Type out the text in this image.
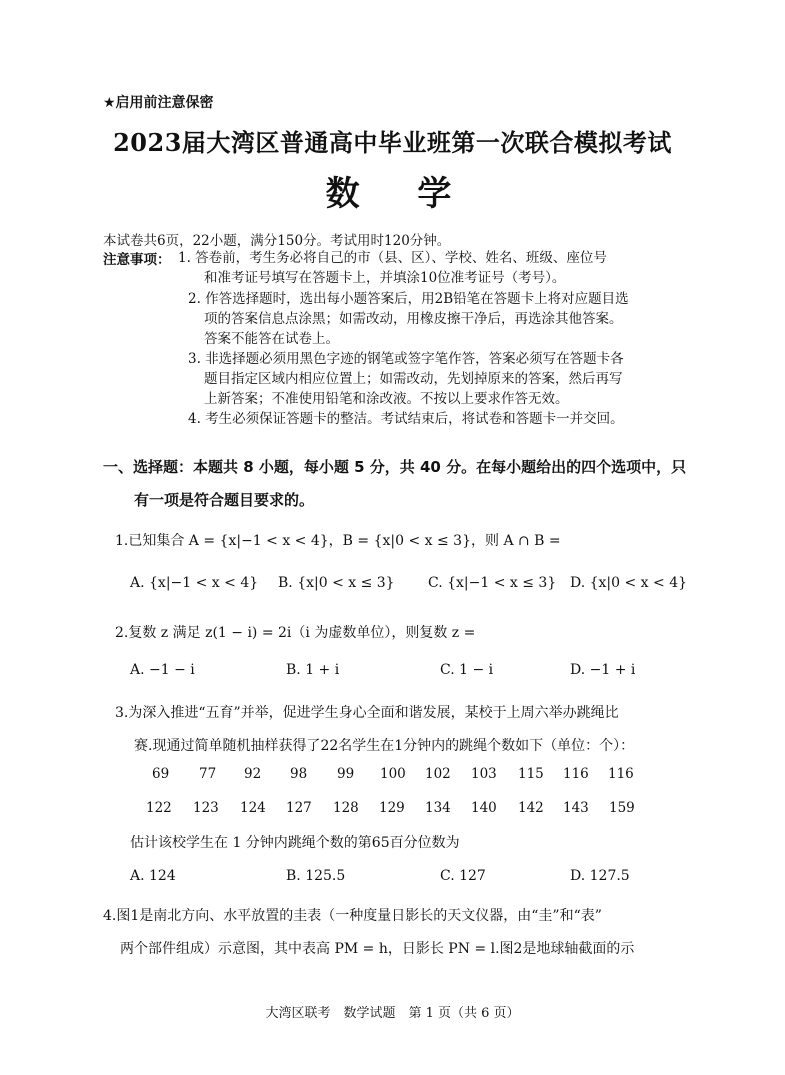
★启用前注意保密
2023届大湾区普通高中毕业班第一次联合模拟考试
数 学
本试卷共6页，22小题，满分150分。考试用时120分钟。
注意事项： 1. 答卷前，考生务必将自己的市（县、区）、学校、姓名、班级、座位号
和准考证号填写在答题卡上，并填涂10位准考证号（考号）。
2. 作答选择题时，选出每小题答案后，用2B铅笔在答题卡上将对应题目选
项的答案信息点涂黑；如需改动，用橡皮擦干净后，再选涂其他答案。
答案不能答在试卷上。
3. 非选择题必须用黑色字迹的钢笔或签字笔作答，答案必须写在答题卡各
题目指定区域内相应位置上；如需改动，先划掉原来的答案，然后再写
上新答案；不准使用铅笔和涂改液。不按以上要求作答无效。
4. 考生必须保证答题卡的整洁。考试结束后，将试卷和答题卡一并交回。
一、选择题：本题共 8 小题，每小题 5 分，共 40 分。在每小题给出的四个选项中，只
有一项是符合题目要求的。
1.已知集合 A = {x|−1 < x < 4}，B = {x|0 < x ≤ 3}，则 A ∩ B =
A. {x|−1 < x < 4} B. {x|0 < x ≤ 3} C. {x|−1 < x ≤ 3} D. {x|0 < x < 4}
2.复数 z 满足 z(1 − i) = 2i（i 为虚数单位），则复数 z =
A. −1 − i	B. 1 + i	C. 1 − i	D. −1 + i
3.为深入推进“五育”并举，促进学生身心全面和谐发展，某校于上周六举办跳绳比
赛.现通过简单随机抽样获得了22名学生在1分钟内的跳绳个数如下（单位：个）：
69 77 92 98 99 100 102 103 115 116 116
122 123 124 127 128 129 134 140 142 143 159
估计该校学生在 1 分钟内跳绳个数的第65百分位数为
A. 124	B. 125.5	C. 127	D. 127.5
4.图1是南北方向、水平放置的圭表（一种度量日影长的天文仪器，由“圭”和“表”
两个部件组成）示意图，其中表高 PM = h，日影长 PN = l.图2是地球轴截面的示
大湾区联考　数学试题　第 1 页（共 6 页）
